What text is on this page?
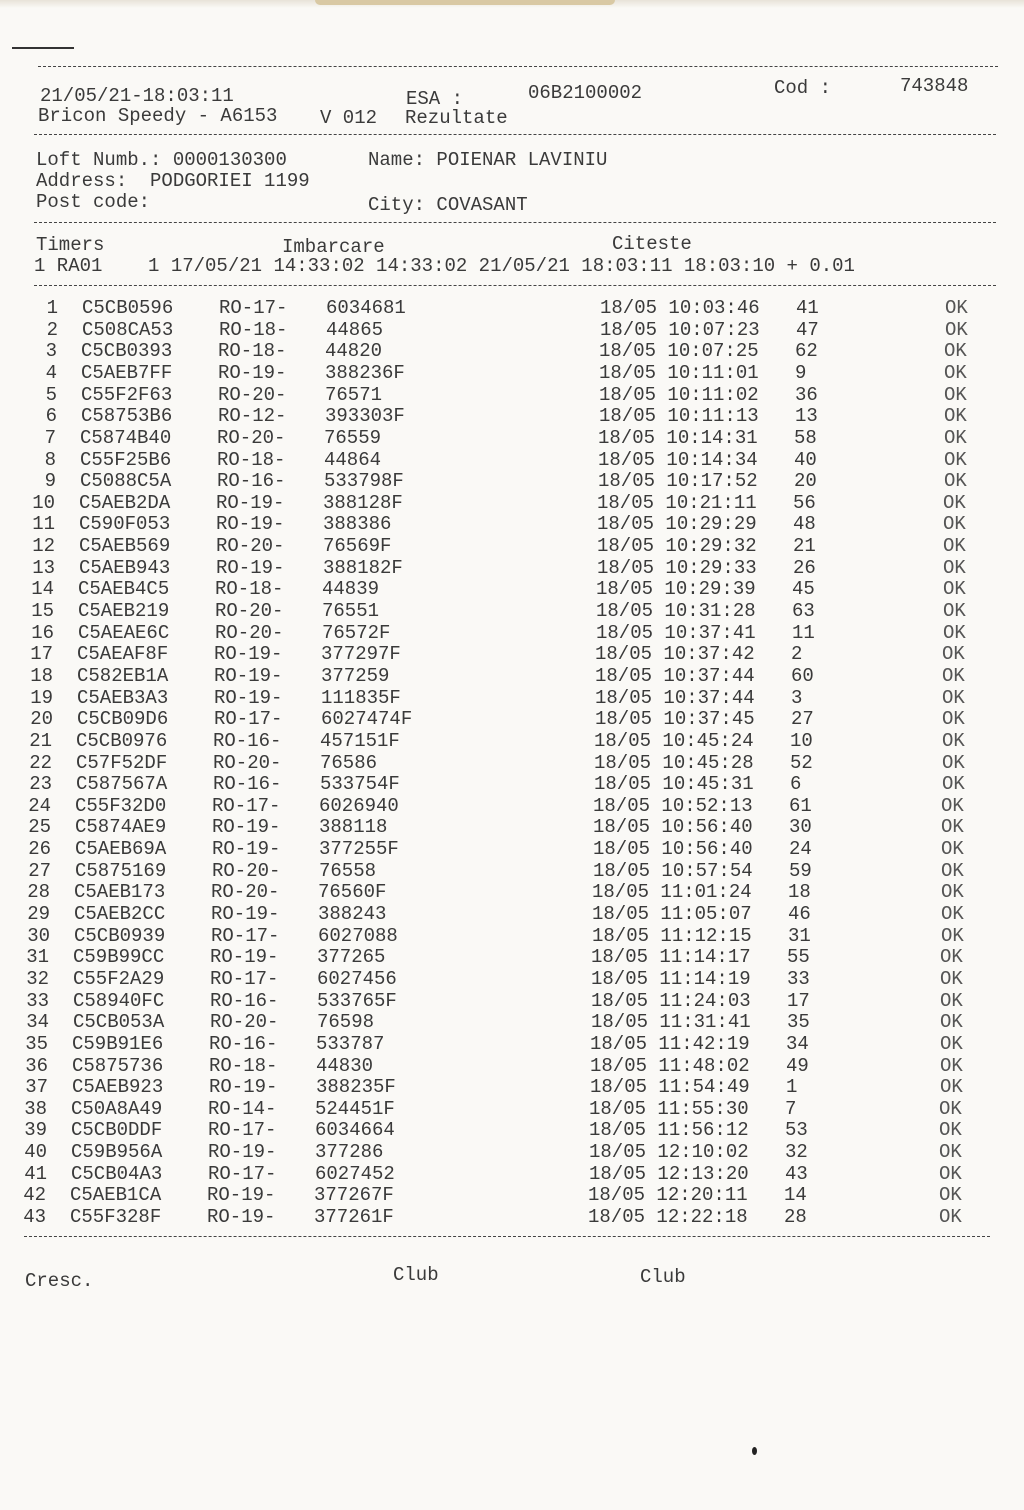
21/05/21-18:03:11	ESA :	06B2100002	Cod :	743848
Bricon Speedy - A6153 V 012 Rezultate
Loft Numb.: 0000130300	Name: POIENAR LAVINIU
Address:  PODGORIEI 1199
Post code:	City: COVASANT
Timers	Imbarcare	Citeste
1 RA01    1 17/05/21 14:33:02 14:33:02 21/05/21 18:03:11 18:03:10 + 0.01
1 C5CB0596 RO-17- 6034681	18/05 10:03:46 41	OK
2 C508CA53 RO-18- 44865	18/05 10:07:23 47	OK
3 C5CB0393 RO-18- 44820	18/05 10:07:25 62	OK
4 C5AEB7FF RO-19- 388236F	18/05 10:11:01 9	OK
5 C55F2F63 RO-20- 76571	18/05 10:11:02 36	OK
6 C58753B6 RO-12- 393303F	18/05 10:11:13 13	OK
7 C5874B40 RO-20- 76559	18/05 10:14:31 58	OK
8 C55F25B6 RO-18- 44864	18/05 10:14:34 40	OK
9 C5088C5A RO-16- 533798F	18/05 10:17:52 20	OK
10 C5AEB2DA RO-19- 388128F	18/05 10:21:11 56	OK
11 C590F053 RO-19- 388386	18/05 10:29:29 48	OK
12 C5AEB569 RO-20- 76569F	18/05 10:29:32 21	OK
13 C5AEB943 RO-19- 388182F	18/05 10:29:33 26	OK
14 C5AEB4C5 RO-18- 44839	18/05 10:29:39 45	OK
15 C5AEB219 RO-20- 76551	18/05 10:31:28 63	OK
16 C5AEAE6C RO-20- 76572F	18/05 10:37:41 11	OK
17 C5AEAF8F RO-19- 377297F	18/05 10:37:42 2	OK
18 C582EB1A RO-19- 377259	18/05 10:37:44 60	OK
19 C5AEB3A3 RO-19- 111835F	18/05 10:37:44 3	OK
20 C5CB09D6 RO-17- 6027474F	18/05 10:37:45 27	OK
21 C5CB0976 RO-16- 457151F	18/05 10:45:24 10	OK
22 C57F52DF RO-20- 76586	18/05 10:45:28 52	OK
23 C587567A RO-16- 533754F	18/05 10:45:31 6	OK
24 C55F32D0 RO-17- 6026940	18/05 10:52:13 61	OK
25 C5874AE9 RO-19- 388118	18/05 10:56:40 30	OK
26 C5AEB69A RO-19- 377255F	18/05 10:56:40 24	OK
27 C5875169 RO-20- 76558	18/05 10:57:54 59	OK
28 C5AEB173 RO-20- 76560F	18/05 11:01:24 18	OK
29 C5AEB2CC RO-19- 388243	18/05 11:05:07 46	OK
30 C5CB0939 RO-17- 6027088	18/05 11:12:15 31	OK
31 C59B99CC RO-19- 377265	18/05 11:14:17 55	OK
32 C55F2A29 RO-17- 6027456	18/05 11:14:19 33	OK
33 C58940FC RO-16- 533765F	18/05 11:24:03 17	OK
34 C5CB053A RO-20- 76598	18/05 11:31:41 35	OK
35 C59B91E6 RO-16- 533787	18/05 11:42:19 34	OK
36 C5875736 RO-18- 44830	18/05 11:48:02 49	OK
37 C5AEB923 RO-19- 388235F	18/05 11:54:49 1	OK
38 C50A8A49 RO-14- 524451F	18/05 11:55:30 7	OK
39 C5CB0DDF RO-17- 6034664	18/05 11:56:12 53	OK
40 C59B956A RO-19- 377286	18/05 12:10:02 32	OK
41 C5CB04A3 RO-17- 6027452	18/05 12:13:20 43	OK
42 C5AEB1CA RO-19- 377267F	18/05 12:20:11 14	OK
43 C55F328F RO-19- 377261F	18/05 12:22:18 28	OK
Cresc.	Club	Club
